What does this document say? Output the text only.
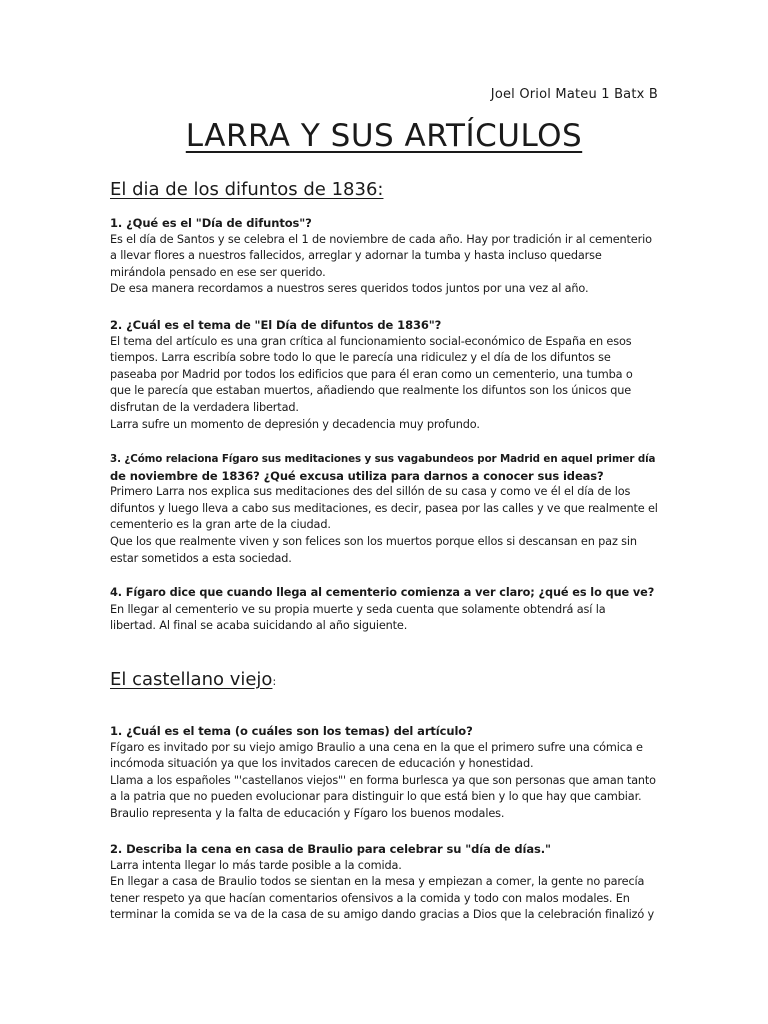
Joel Oriol Mateu 1 Batx B
LARRA Y SUS ARTÍCULOS
El dia de los difuntos de 1836:

1. ¿Qué es el "Día de difuntos"?

Es el día de Santos y se celebra el 1 de noviembre de cada año. Hay por tradición ir al cementerio

a llevar flores a nuestros fallecidos, arreglar y adornar la tumba y hasta incluso quedarse

mirándola pensado en ese ser querido.

De esa manera recordamos a nuestros seres queridos todos juntos por una vez al año.

2. ¿Cuál es el tema de "El Día de difuntos de 1836"?

El tema del artículo es una gran crítica al funcionamiento social-económico de España en esos

tiempos. Larra escribía sobre todo lo que le parecía una ridiculez y el día de los difuntos se

paseaba por Madrid por todos los edificios que para él eran como un cementerio, una tumba o

que le parecía que estaban muertos, añadiendo que realmente los difuntos son los únicos que

disfrutan de la verdadera libertad.

Larra sufre un momento de depresión y decadencia muy profundo.

3. ¿Cómo relaciona Fígaro sus meditaciones y sus vagabundeos por Madrid en aquel primer día

de noviembre de 1836? ¿Qué excusa utiliza para darnos a conocer sus ideas?

Primero Larra nos explica sus meditaciones des del sillón de su casa y como ve él el día de los

difuntos y luego lleva a cabo sus meditaciones, es decir, pasea por las calles y ve que realmente el

cementerio es la gran arte de la ciudad.

Que los que realmente viven y son felices son los muertos porque ellos si descansan en paz sin

estar sometidos a esta sociedad.

4. Fígaro dice que cuando llega al cementerio comienza a ver claro; ¿qué es lo que ve?

En llegar al cementerio ve su propia muerte y seda cuenta que solamente obtendrá así la

libertad. Al final se acaba suicidando al año siguiente.

El castellano viejo:

1. ¿Cuál es el tema (o cuáles son los temas) del artículo?

Fígaro es invitado por su viejo amigo Braulio a una cena en la que el primero sufre una cómica e

incómoda situación ya que los invitados carecen de educación y honestidad.

Llama a los españoles "'castellanos viejos"' en forma burlesca ya que son personas que aman tanto

a la patria que no pueden evolucionar para distinguir lo que está bien y lo que hay que cambiar.

Braulio representa y la falta de educación y Fígaro los buenos modales.

2. Describa la cena en casa de Braulio para celebrar su "día de días."

Larra intenta llegar lo más tarde posible a la comida.

En llegar a casa de Braulio todos se sientan en la mesa y empiezan a comer, la gente no parecía

tener respeto ya que hacían comentarios ofensivos a la comida y todo con malos modales. En

terminar la comida se va de la casa de su amigo dando gracias a Dios que la celebración finalizó y
